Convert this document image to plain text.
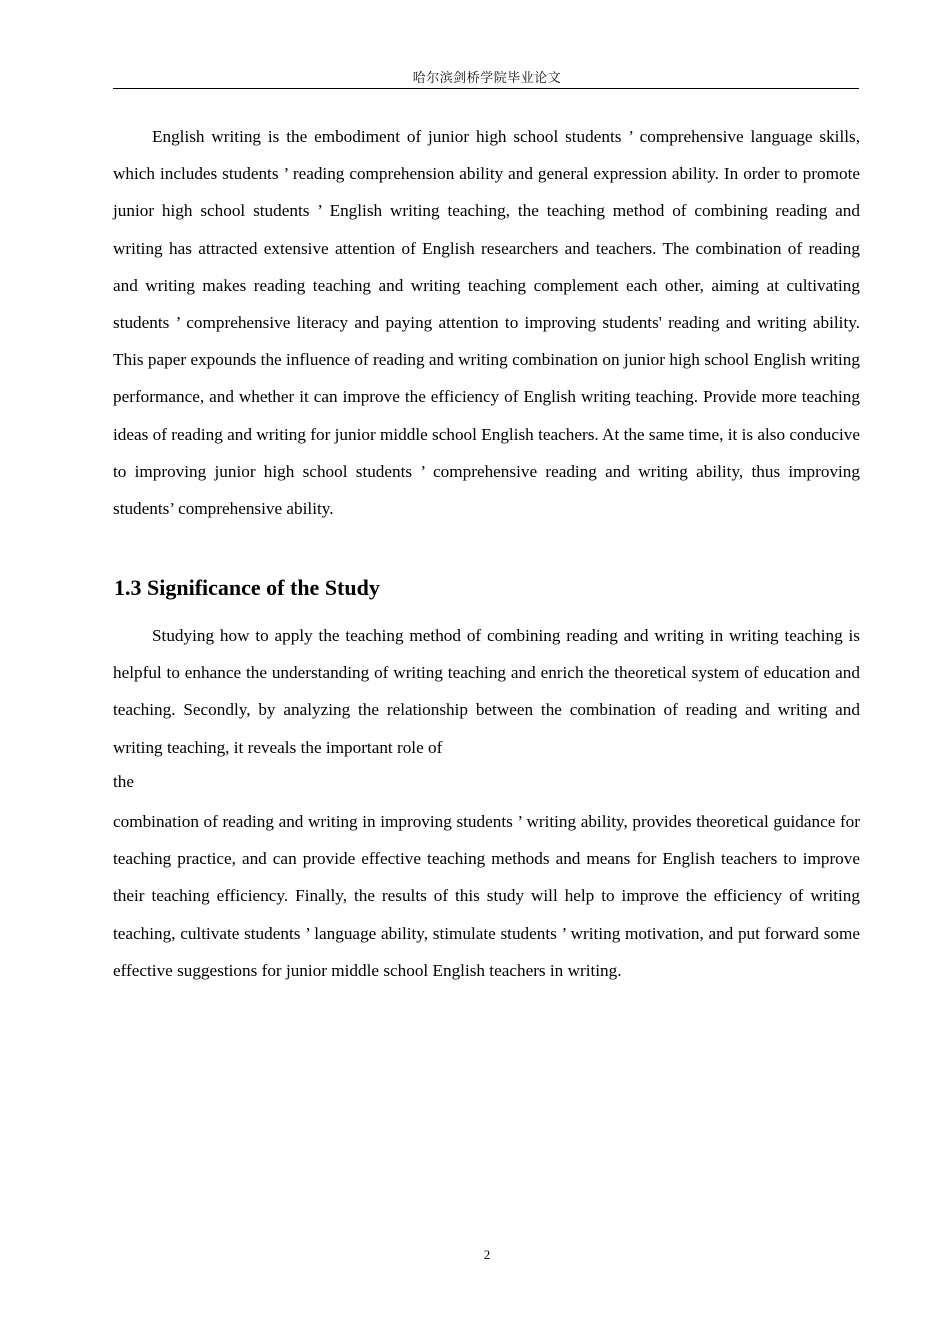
哈尔滨剑桥学院毕业论文

English writing is the embodiment of junior high school students ’ comprehensive language skills, which includes students ’ reading comprehension ability and general expression ability. In order to promote junior high school students ’ English writing teaching, the teaching method of combining reading and writing has attracted extensive attention of English researchers and teachers. The combination of reading and writing makes reading teaching and writing teaching complement each other, aiming at cultivating students ’ comprehensive literacy and paying attention to improving students' reading and writing ability. This paper expounds the influence of reading and writing combination on junior high school English writing performance, and whether it can improve the efficiency of English writing teaching. Provide more teaching ideas of reading and writing for junior middle school English teachers. At the same time, it is also conducive to improving junior high school students ’ comprehensive reading and writing ability, thus improving students’ comprehensive ability.

1.3 Significance of the Study

Studying how to apply the teaching method of combining reading and writing in writing teaching is helpful to enhance the understanding of writing teaching and enrich the theoretical system of education and teaching. Secondly, by analyzing the relationship between the combination of reading and writing and writing teaching, it reveals the important role of

the

combination of reading and writing in improving students ’ writing ability, provides theoretical guidance for teaching practice, and can provide effective teaching methods and means for English teachers to improve their teaching efficiency. Finally, the results of this study will help to improve the efficiency of writing teaching, cultivate students ’ language ability, stimulate students ’ writing motivation, and put forward some effective suggestions for junior middle school English teachers in writing.

2
